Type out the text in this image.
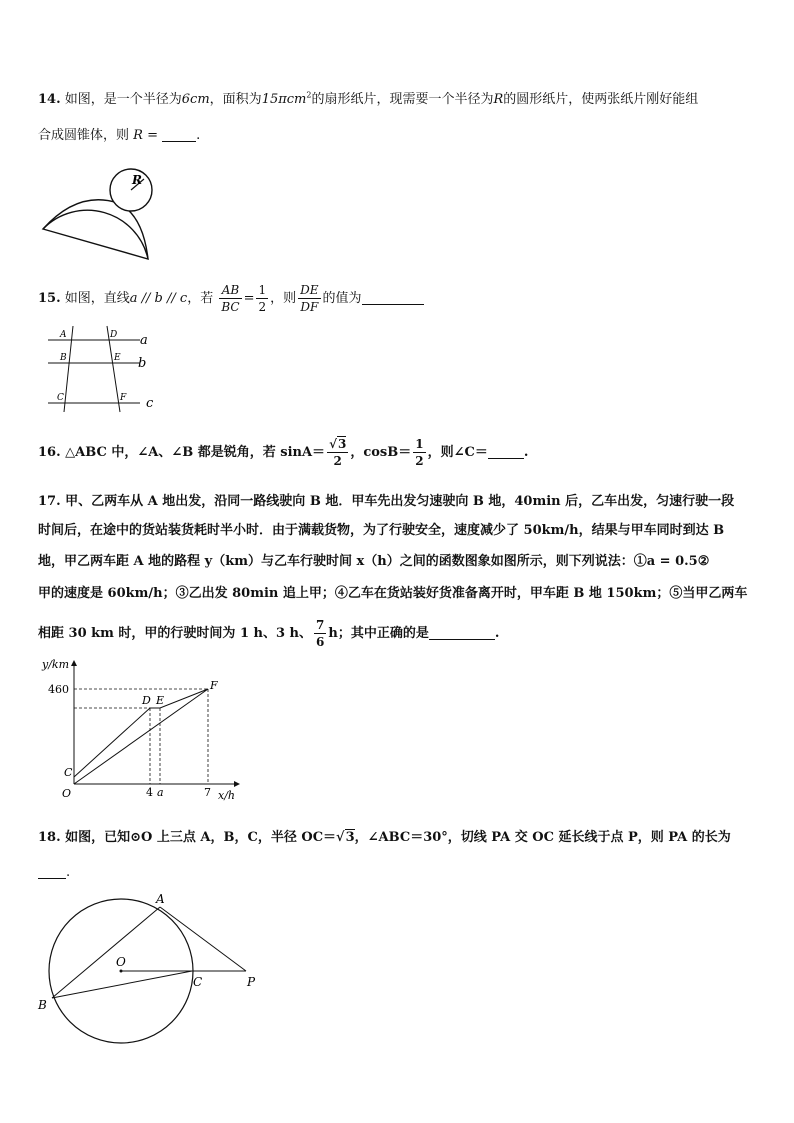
14. 如图，是一个半径为6cm，面积为15πcm$^2$的扇形纸片，现需要一个半径为R的圆形纸片，使两张纸片刚好能组
合成圆锥体，则 R =	.
R
15. 如图，直线a // b // c，若 $\frac{AB}{BC} = \frac{1}{2}$ ，则 $\frac{DE}{DF}$ 的值为
A
B
C
D
E
F
a
b
c
16. △ABC 中，∠A、∠B 都是锐角，若 $\sin A= \frac{√3}{2}$ ，$\cos B= \frac{1}{2}$ ，则∠C＝	.
17. 甲、乙两车从 A 地出发，沿同一路线驶向 B 地．甲车先出发匀速驶向 B 地，40min 后，乙车出发，匀速行驶一段
时间后，在途中的货站装货耗时半小时．由于满载货物，为了行驶安全，速度减少了 50km/h，结果与甲车同时到达 B
地，甲乙两车距 A 地的路程 y（km）与乙车行驶时间 x（h）之间的函数图象如图所示，则下列说法：①a = 0.5②
甲的速度是 60km/h；③乙出发 80min 追上甲；④乙车在货站装好货准备离开时，甲车距 B 地 150km；⑤当甲乙两车
相距 30 km 时，甲的行驶时间为 1 h、3 h、 $\frac{7}{6}$ h；其中正确的是	.
y/km
460
D E
F
C
O	4 a	7 x/h
18. 如图，已知⊙O 上三点 A，B，C，半径 OC＝√3，∠ABC＝30°，切线 PA 交 OC 延长线于点 P，则 PA 的长为
.
A
O
C	P
B
